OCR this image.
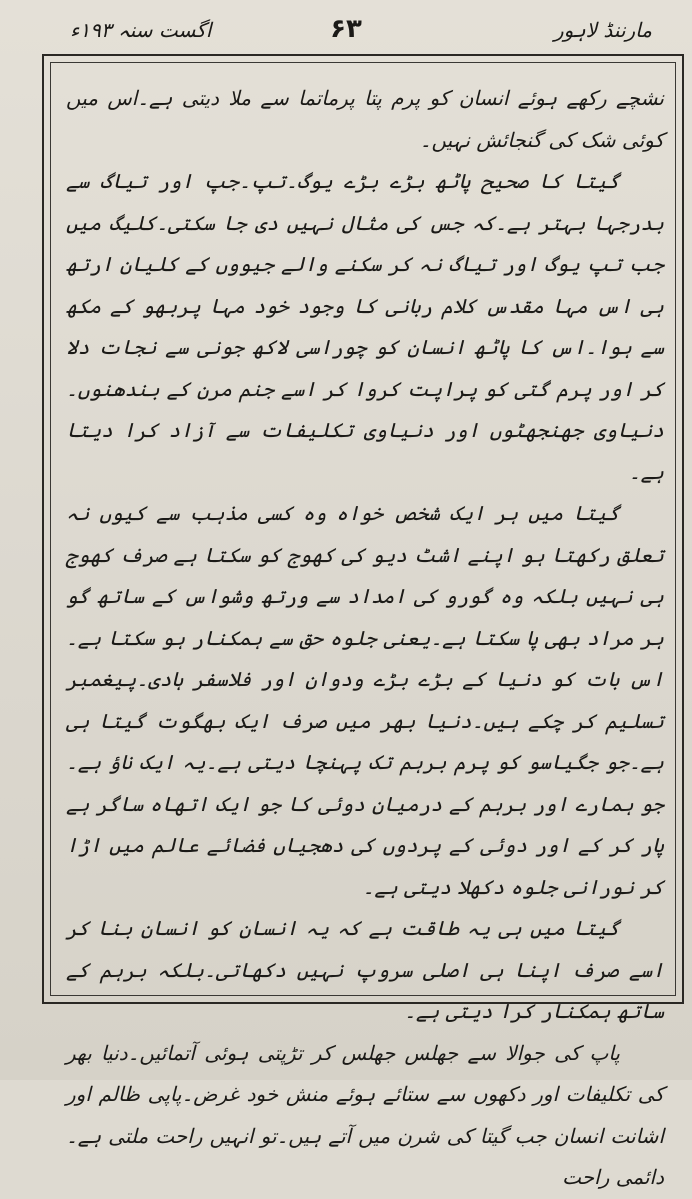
اگست سنہ ۱۹۳ء	۶۳	مارننڈ لاہور

نشچے رکھے ہوئے انسان کو پرم پتا پرماتما سے ملا دیتی ہے۔اس میں کوئی شک کی گنجائش نہیں۔

گیتا کا صحیح پاٹھ بڑے بڑے یوگ۔تپ۔جپ اور تیاگ سے بدرجہا بہتر ہے۔کہ جس کی مثال نہیں دی جا سکتی۔کلیگ میں جب تپ یوگ اور تیاگ نہ کر سکنے والے جیووں کے کلیان ارتھ ہی اس مہا مقدس کلام ربانی کا وجود خود مہا پربھو کے مکھ سے ہوا۔اس کا پاٹھ انسان کو چوراسی لاکھ جونی سے نجات دلا کر اور پرم گتی کو پراپت کروا کر اسے جنم مرن کے بندھنوں۔دنیاوی جھنجھٹوں اور دنیاوی تکلیفات سے آزاد کرا دیتا ہے۔

گیتا میں ہر ایک شخص خواہ وہ کسی مذہب سے کیوں نہ تعلق رکھتا ہو اپنے اشٹ دیو کی کھوج کو سکتا ہے صرف کھوج ہی نہیں بلکہ وہ گورو کی امداد سے ورتھ وشواس کے ساتھ گو ہر مراد بھی پا سکتا ہے۔یعنی جلوہ حق سے ہمکنار ہو سکتا ہے۔اس بات کو دنیا کے بڑے بڑے ودوان اور فلاسفر ہادی۔پیغمبر تسلیم کر چکے ہیں۔دنیا بھر میں صرف ایک بھگوت گیتا ہی ہے۔جو جگیاسو کو پرم برہم تک پہنچا دیتی ہے۔یہ ایک ناؤ ہے۔جو ہمارے اور برہم کے درمیان دوئی کا جو ایک اتھاہ ساگر ہے پار کر کے اور دوئی کے پردوں کی دھجیاں فضائے عالم میں اڑا کر نورانی جلوہ دکھلا دیتی ہے۔

گیتا میں ہی یہ طاقت ہے کہ یہ انسان کو انسان بنا کر اسے صرف اپنا ہی اصلی سروپ نہیں دکھاتی۔بلکہ برہم کے ساتھ ہمکنار کرا دیتی ہے۔

پاپ کی جوالا سے جھلس جھلس کر تڑپتی ہوئی آتمائیں۔دنیا بھر کی تکلیفات اور دکھوں سے ستائے ہوئے منش خود غرض۔پاپی ظالم اور اشانت انسان جب گیتا کی شرن میں آتے ہیں۔تو انہیں راحت ملتی ہے۔دائمی راحت
